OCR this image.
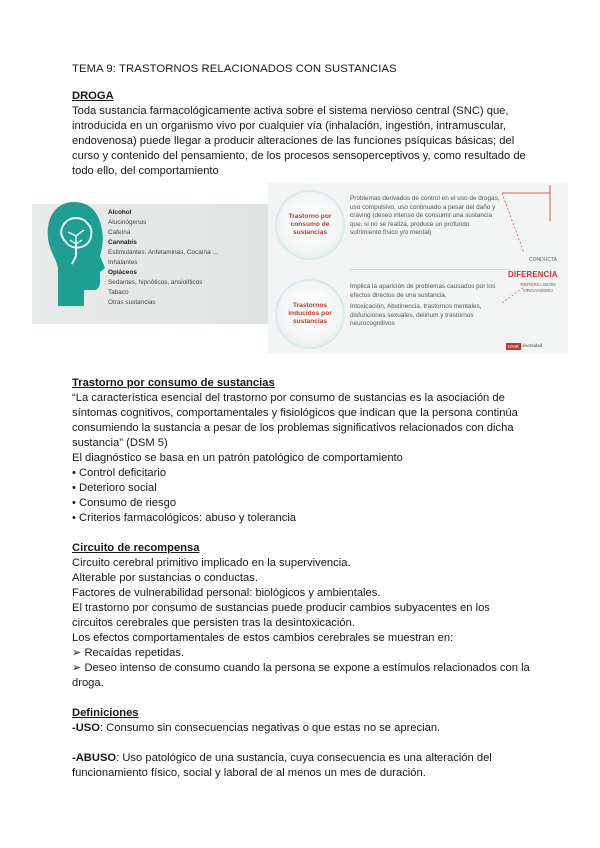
TEMA 9: TRASTORNOS RELACIONADOS CON SUSTANCIAS

DROGA

Toda sustancia farmacológicamente activa sobre el sistema nervioso central (SNC) que, introducida en un organismo vivo por cualquier vía (inhalación, ingestión, intramuscular, endovenosa) puede llegar a producir alteraciones de las funciones psíquicas básicas; del curso y contenido del pensamiento, de los procesos sensoperceptivos y, como resultado de todo ello, del comportamiento

Alcohol
Alucinógenos
Cafeína
Cannabis
Estimulantes: Anfetaminas, Cocaína ...
Inhalantes
Opiáceos
Sedantes, hipnóticos, ansiolíticos
Tabaco
Otras sustancias
Trastorno por consumo de sustancias
Problemas derivados de control en el uso de drogas, uso compulsivo, uso continuado a pesar del daño y craving (deseo intenso de consumir una sustancia que, si no se realiza, produce un profundo sufrimiento físico y/o mental)
Trastornos inducidos por sustancias
Implica la aparición de problemas causados por los efectos directos de una sustancia.
Intoxicación, Abstinencia, trastornos mentales, disfunciones sexuales, delirium y trastornos neurocognitivos
CONDUCTA
DIFERENCIA
REPERCUSIÓN ORGANISMO
UNIR
Universidad

Trastorno por consumo de sustancias

“La característica esencial del trastorno por consumo de sustancias es la asociación de síntomas cognitivos, comportamentales y fisiológicos que indican que la persona continúa consumiendo la sustancia a pesar de los problemas significativos relacionados con dicha sustancia” (DSM 5)

El diagnóstico se basa en un patrón patológico de comportamiento

• Control deficitario

• Deterioro social

• Consumo de riesgo

• Criterios farmacológicos: abuso y tolerancia

Circuito de recompensa

Circuito cerebral primitivo implicado en la supervivencia.

Alterable por sustancias o conductas.

Factores de vulnerabilidad personal: biológicos y ambientales.

El trastorno por consumo de sustancias puede producir cambios subyacentes en los circuitos cerebrales que persisten tras la desintoxicación.

Los efectos comportamentales de estos cambios cerebrales se muestran en:

➢ Recaídas repetidas.

➢ Deseo intenso de consumo cuando la persona se expone a estímulos relacionados con la droga.

Definiciones

-USO: Consumo sin consecuencias negativas o que estas no se aprecian.

-ABUSO: Uso patológico de una sustancia, cuya consecuencia es una alteración del funcionamiento físico, social y laboral de al menos un mes de duración.
